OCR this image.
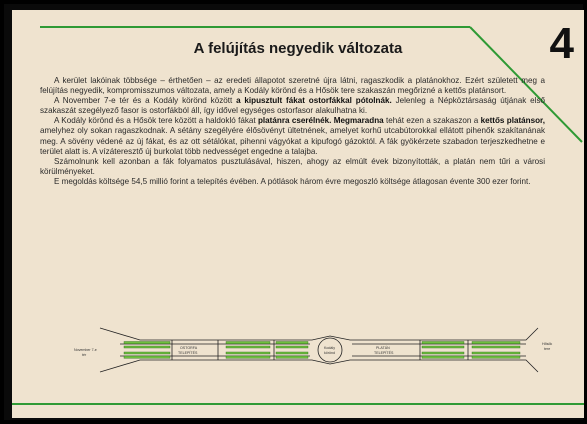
A felújítás negyedik változata	4

A kerület lakóinak többsége – érthetően – az eredeti állapotot szeretné újra látni, ragaszkodik a platánokhoz. Ezért született meg a felújítás negyedik, kompromisszumos változata, amely a Kodály körönd és a Hősök tere szakaszán megőrizné a kettős platánsort.

A November 7-e tér és a Kodály körönd között a kipusztult fákat ostorfákkal pótolnák. Jelenleg a Népköztársaság útjának első szakaszát szegélyező fasor is ostorfákból áll, így idővel egységes ostorfasor alakulhatna ki.

A Kodály körönd és a Hősök tere között a haldokló fákat platánra cserélnék. Megmaradna tehát ezen a szakaszon a kettős platánsor, amelyhez oly sokan ragaszkodnak. A sétány szegélyére élősövényt ültetnének, amelyet korhű utcabútorokkal ellátott pihenők szakítanának meg. A sövény védené az új fákat, és az ott sétálókat, pihenni vágyókat a kipufogó gázoktól. A fák gyökérzete szabadon terjeszkedhetne e terület alatt is. A vízáteresztő új burkolat több nedvességet engedne a talajba.

Számolnunk kell azonban a fák folyamatos pusztulásával, hiszen, ahogy az elmúlt évek bizonyították, a platán nem tűri a városi körülményeket.

E megoldás költsége 54,5 millió forint a telepítés évében. A pótlások három évre megoszló költsége átlagosan évente 300 ezer forint.

November 7-e
tér
OSTORFA
TELEPÍTÉS
Kodály
körönd
PLATÁN
TELEPÍTÉS
Hősök
tere
